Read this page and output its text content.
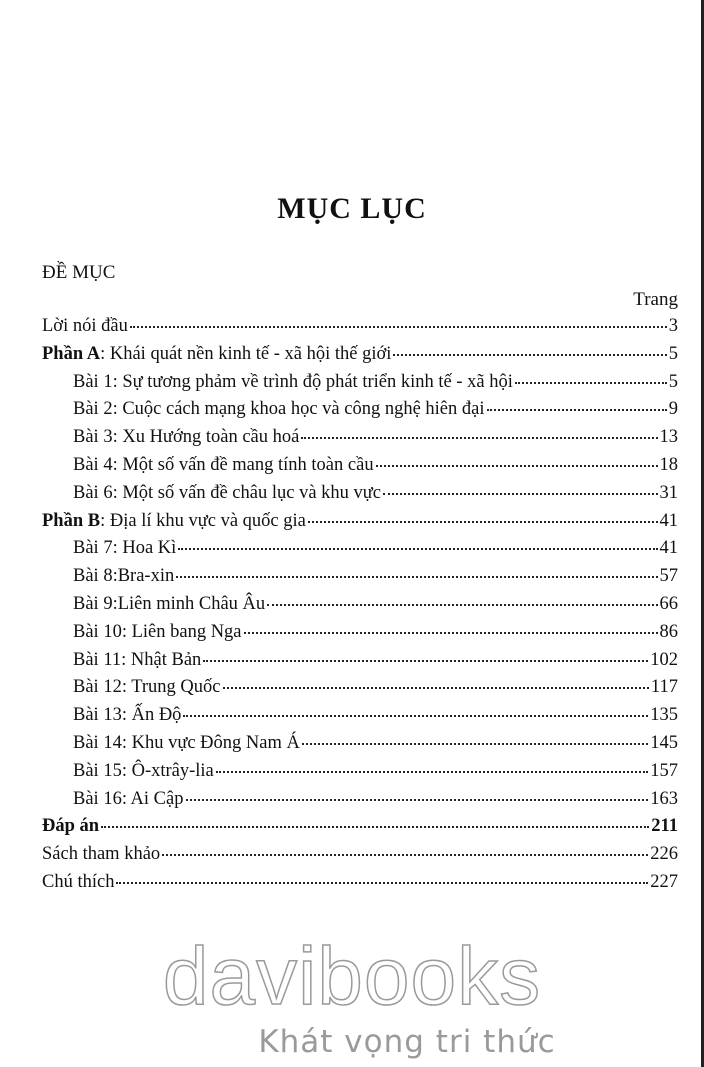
MỤC LỤC
ĐỀ MỤC
Trang
Lời nói đầu	3
Phần A: Khái quát nền kinh tế - xã hội thế giới	5
Bài 1: Sự tương phảm về trình độ phát triển kinh tế - xã hội	5
Bài 2: Cuộc cách mạng khoa học và công nghệ hiên đại	9
Bài 3: Xu Hướng toàn cầu hoá	13
Bài 4: Một số vấn đề mang tính toàn cầu	18
Bài 6: Một số vấn đề châu lục và khu vực	31
Phần B: Địa lí khu vực và quốc gia	41
Bài 7: Hoa Kì	41
Bài 8:Bra-xin	57
Bài 9:Liên minh Châu Âu	66
Bài 10: Liên bang Nga	86
Bài 11: Nhật Bản	102
Bài 12: Trung Quốc	117
Bài 13: Ấn Độ	135
Bài 14: Khu vực Đông Nam Á	145
Bài 15: Ô-xtrây-lia	157
Bài 16: Ai Cập	163
Đáp án	211
Sách tham khảo	226
Chú thích	227
davibooks
Khát vọng tri thức
